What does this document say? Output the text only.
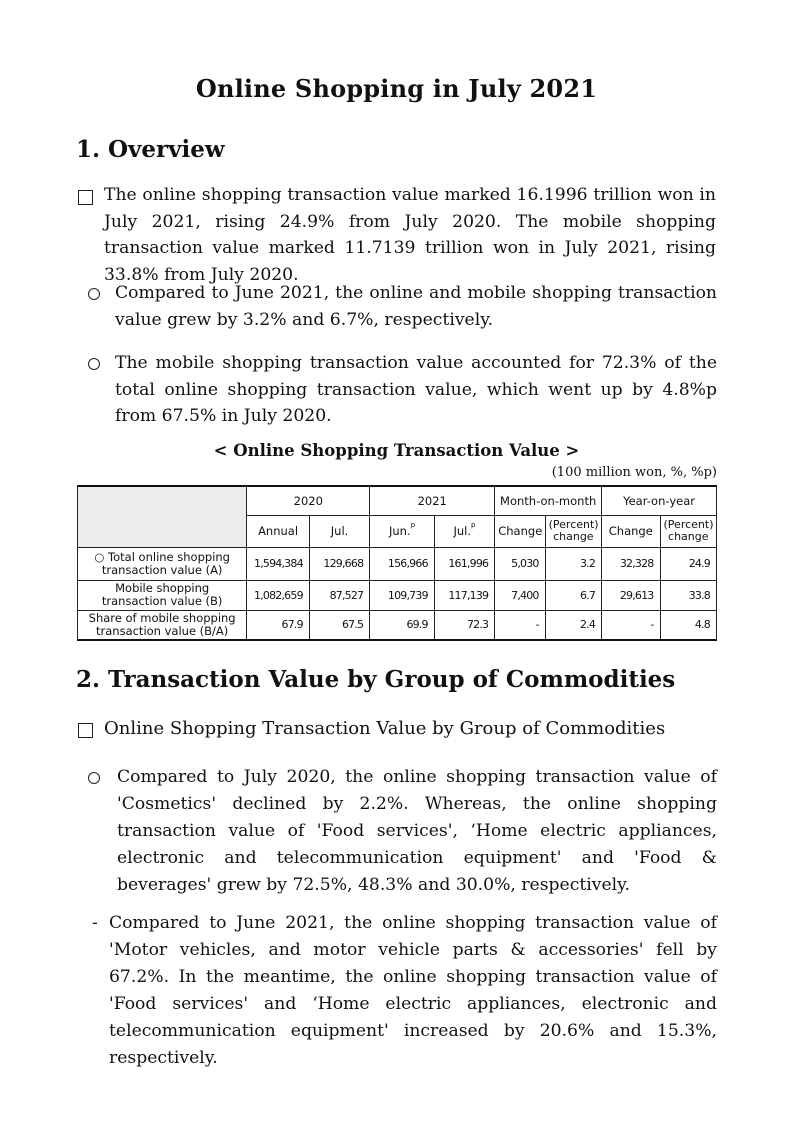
Online Shopping in July 2021
1. Overview
The online shopping transaction value marked 16.1996 trillion won in July 2021, rising 24.9% from July 2020. The mobile shopping transaction value marked 11.7139 trillion won in July 2021, rising 33.8% from July 2020.
Compared to June 2021, the online and mobile shopping transaction value grew by 3.2% and 6.7%, respectively.
The mobile shopping transaction value accounted for 72.3% of the total online shopping transaction value, which went up by 4.8%p from 67.5% in July 2020.
< Online Shopping Transaction Value >
(100 million won, %, %p)
	2020		2021		Month-on-month		Year-on-year	
	Annual	Jul.	Jun.$^p$	Jul.$^p$	Change	(Percent) change	Change	(Percent) change
○ Total online shopping transaction value (A)	1,594,384	129,668	156,966	161,996	5,030	3.2	32,328	24.9
Mobile shopping transaction value (B)	1,082,659	87,527	109,739	117,139	7,400	6.7	29,613	33.8
Share of mobile shopping transaction value (B/A)	67.9	67.5	69.9	72.3	-	2.4	-	4.8
2. Transaction Value by Group of Commodities
Online Shopping Transaction Value by Group of Commodities
Compared to July 2020, the online shopping transaction value of 'Cosmetics' declined by 2.2%. Whereas, the online shopping transaction value of 'Food services', ‘Home electric appliances, electronic and telecommunication equipment' and 'Food & beverages' grew by 72.5%, 48.3% and 30.0%, respectively.
- Compared to June 2021, the online shopping transaction value of 'Motor vehicles, and motor vehicle parts & accessories' fell by 67.2%. In the meantime, the online shopping transaction value of 'Food services' and ‘Home electric appliances, electronic and telecommunication equipment' increased by 20.6% and 15.3%, respectively.
